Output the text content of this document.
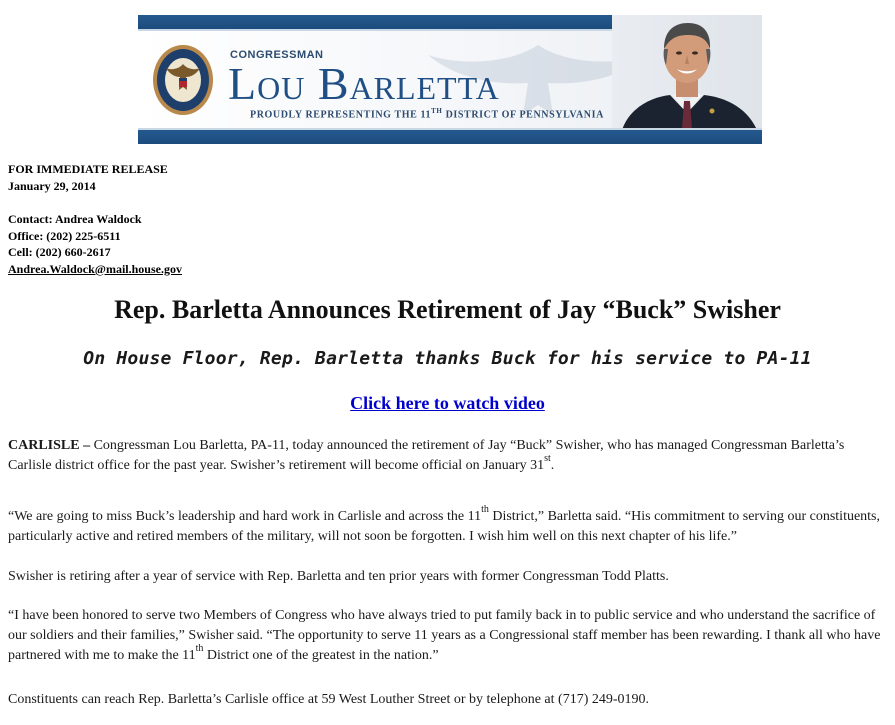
CONGRESSMAN
Lou Barletta
PROUDLY REPRESENTING THE 11TH DISTRICT OF PENNSYLVANIA
FOR IMMEDIATE RELEASE
January 29, 2014
Contact: Andrea Waldock
Office: (202) 225-6511
Cell: (202) 660-2617
Andrea.Waldock@mail.house.gov
Rep. Barletta Announces Retirement of Jay “Buck” Swisher
On House Floor, Rep. Barletta thanks Buck for his service to PA-11
Click here to watch video
CARLISLE – Congressman Lou Barletta, PA-11, today announced the retirement of Jay “Buck” Swisher, who has managed Congressman Barletta’s Carlisle district office for the past year. Swisher’s retirement will become official on January 31st.
“We are going to miss Buck’s leadership and hard work in Carlisle and across the 11th District,” Barletta said. “His commitment to serving our constituents, particularly active and retired members of the military, will not soon be forgotten. I wish him well on this next chapter of his life.”
Swisher is retiring after a year of service with Rep. Barletta and ten prior years with former Congressman Todd Platts.
“I have been honored to serve two Members of Congress who have always tried to put family back in to public service and who understand the sacrifice of our soldiers and their families,” Swisher said. “The opportunity to serve 11 years as a Congressional staff member has been rewarding. I thank all who have partnered with me to make the 11th District one of the greatest in the nation.”
Constituents can reach Rep. Barletta’s Carlisle office at 59 West Louther Street or by telephone at (717) 249-0190.
